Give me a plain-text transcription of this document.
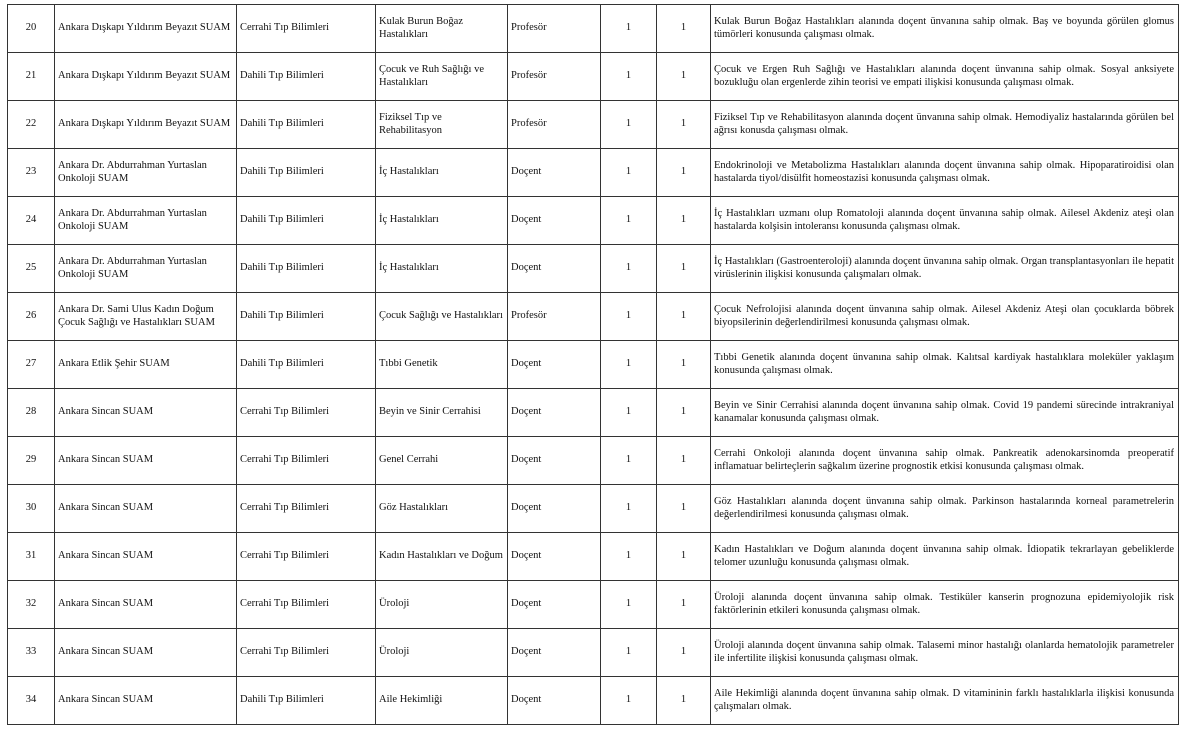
20	Ankara Dışkapı Yıldırım Beyazıt SUAM	Cerrahi Tıp Bilimleri	Kulak Burun Boğaz Hastalıkları	Profesör	1	1	Kulak Burun Boğaz Hastalıkları alanında doçent ünvanına sahip olmak. Baş ve boyunda görülen glomus tümörleri konusunda çalışması olmak.
21	Ankara Dışkapı Yıldırım Beyazıt SUAM	Dahili Tıp Bilimleri	Çocuk ve Ruh Sağlığı ve Hastalıkları	Profesör	1	1	Çocuk ve Ergen Ruh Sağlığı ve Hastalıkları alanında doçent ünvanına sahip olmak. Sosyal anksiyete bozukluğu olan ergenlerde zihin teorisi ve empati ilişkisi konusunda çalışması olmak.
22	Ankara Dışkapı Yıldırım Beyazıt SUAM	Dahili Tıp Bilimleri	Fiziksel Tıp ve Rehabilitasyon	Profesör	1	1	Fiziksel Tıp ve Rehabilitasyon alanında doçent ünvanına sahip olmak. Hemodiyaliz hastalarında görülen bel ağrısı konusda çalışması olmak.
23	Ankara Dr. Abdurrahman Yurtaslan Onkoloji SUAM	Dahili Tıp Bilimleri	İç Hastalıkları	Doçent	1	1	Endokrinoloji ve Metabolizma Hastalıkları alanında doçent ünvanına sahip olmak. Hipoparatiroidisi olan hastalarda tiyol/disülfit homeostazisi konusunda çalışması olmak.
24	Ankara Dr. Abdurrahman Yurtaslan Onkoloji SUAM	Dahili Tıp Bilimleri	İç Hastalıkları	Doçent	1	1	İç Hastalıkları uzmanı olup Romatoloji alanında doçent ünvanına sahip olmak. Ailesel Akdeniz ateşi olan hastalarda kolşisin intoleransı konusunda çalışması olmak.
25	Ankara Dr. Abdurrahman Yurtaslan Onkoloji SUAM	Dahili Tıp Bilimleri	İç Hastalıkları	Doçent	1	1	İç Hastalıkları (Gastroenteroloji) alanında doçent ünvanına sahip olmak. Organ transplantasyonları ile hepatit virüslerinin ilişkisi konusunda çalışmaları olmak.
26	Ankara Dr. Sami Ulus Kadın Doğum Çocuk Sağlığı ve Hastalıkları SUAM	Dahili Tıp Bilimleri	Çocuk Sağlığı ve Hastalıkları	Profesör	1	1	Çocuk Nefrolojisi alanında doçent ünvanına sahip olmak. Ailesel Akdeniz Ateşi olan çocuklarda böbrek biyopsilerinin değerlendirilmesi konusunda çalışması olmak.
27	Ankara Etlik Şehir SUAM	Dahili Tıp Bilimleri	Tıbbi Genetik	Doçent	1	1	Tıbbi Genetik alanında doçent ünvanına sahip olmak. Kalıtsal kardiyak hastalıklara moleküler yaklaşım konusunda çalışması olmak.
28	Ankara Sincan SUAM	Cerrahi Tıp Bilimleri	Beyin ve Sinir Cerrahisi	Doçent	1	1	Beyin ve Sinir Cerrahisi alanında doçent ünvanına sahip olmak. Covid 19 pandemi sürecinde intrakraniyal kanamalar konusunda çalışması olmak.
29	Ankara Sincan SUAM	Cerrahi Tıp Bilimleri	Genel Cerrahi	Doçent	1	1	Cerrahi Onkoloji alanında doçent ünvanına sahip olmak. Pankreatik adenokarsinomda preoperatif inflamatuar belirteçlerin sağkalım üzerine prognostik etkisi konusunda çalışması olmak.
30	Ankara Sincan SUAM	Cerrahi Tıp Bilimleri	Göz Hastalıkları	Doçent	1	1	Göz Hastalıkları alanında doçent ünvanına sahip olmak. Parkinson hastalarında korneal parametrelerin değerlendirilmesi konusunda çalışması olmak.
31	Ankara Sincan SUAM	Cerrahi Tıp Bilimleri	Kadın Hastalıkları ve Doğum	Doçent	1	1	Kadın Hastalıkları ve Doğum alanında doçent ünvanına sahip olmak. İdiopatik tekrarlayan gebeliklerde telomer uzunluğu konusunda çalışması olmak.
32	Ankara Sincan SUAM	Cerrahi Tıp Bilimleri	Üroloji	Doçent	1	1	Üroloji alanında doçent ünvanına sahip olmak. Testiküler kanserin prognozuna epidemiyolojik risk faktörlerinin etkileri konusunda çalışması olmak.
33	Ankara Sincan SUAM	Cerrahi Tıp Bilimleri	Üroloji	Doçent	1	1	Üroloji alanında doçent ünvanına sahip olmak. Talasemi minor hastalığı olanlarda hematolojik parametreler ile infertilite ilişkisi konusunda çalışması olmak.
34	Ankara Sincan SUAM	Dahili Tıp Bilimleri	Aile Hekimliği	Doçent	1	1	Aile Hekimliği alanında doçent ünvanına sahip olmak. D vitamininin farklı hastalıklarla ilişkisi konusunda çalışmaları olmak.
